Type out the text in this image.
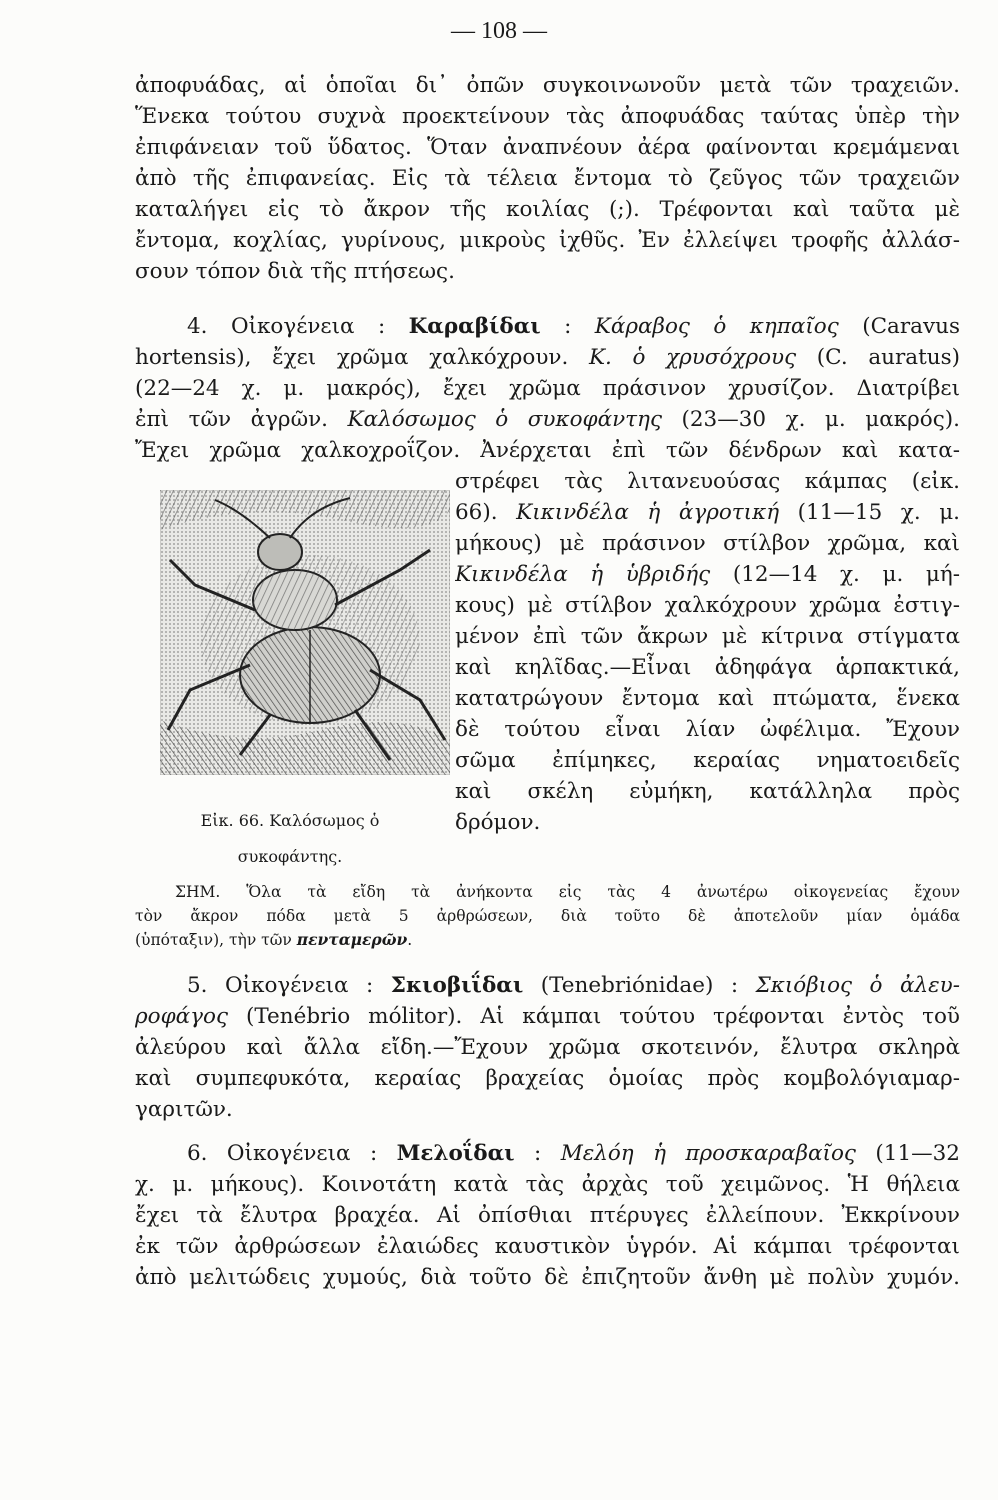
— 108 —
ἀποφυάδας, αἱ ὁποῖαι δι᾽ ὀπῶν συγκοινωνοῦν μετὰ τῶν τραχειῶν.
Ἕνεκα τούτου συχνὰ προεκτείνουν τὰς ἀποφυάδας ταύτας ὑπὲρ τὴν
ἐπιφάνειαν τοῦ ὕδατος. Ὅταν ἀναπνέουν ἀέρα φαίνονται κρεμάμεναι
ἀπὸ τῆς ἐπιφανείας. Εἰς τὰ τέλεια ἔντομα τὸ ζεῦγος τῶν τραχειῶν
καταλήγει εἰς τὸ ἄκρον τῆς κοιλίας (;). Τρέφονται καὶ ταῦτα μὲ
ἔντομα, κοχλίας, γυρίνους, μικροὺς ἰχθῦς. Ἐν ἐλλείψει τροφῆς ἀλλάσ-
σουν τόπον διὰ τῆς πτήσεως.
4. Οἰκογένεια : Καραβίδαι : Κάραβος ὁ κηπαῖος (Caravus
hortensis), ἔχει χρῶμα χαλκόχρουν. Κ. ὁ χρυσόχρους (C. auratus)
(22—24 χ. μ. μακρός), ἔχει χρῶμα πράσινον χρυσίζον. Διατρίβει
ἐπὶ τῶν ἀγρῶν. Καλόσωμος ὁ συκοφάντης (23—30 χ. μ. μακρός).
Ἔχει χρῶμα χαλκοχροΐζον. Ἀνέρχεται ἐπὶ τῶν δένδρων καὶ κατα-
στρέφει τὰς λιτανευούσας κάμπας (εἰκ.
66). Κικινδέλα ἡ ἀγροτική (11—15 χ. μ.
μήκους) μὲ πράσινον στίλβον χρῶμα, καὶ
Κικινδέλα ἡ ὑβριδής (12—14 χ. μ. μή-
κους) μὲ στίλβον χαλκόχρουν χρῶμα ἐστιγ-
μένον ἐπὶ τῶν ἄκρων μὲ κίτρινα στίγματα
καὶ κηλῖδας.—Εἶναι ἀδηφάγα ἁρπακτικά,
κατατρώγουν ἔντομα καὶ πτώματα, ἕνεκα
δὲ τούτου εἶναι λίαν ὠφέλιμα. Ἔχουν
σῶμα ἐπίμηκες, κεραίας νηματοειδεῖς
καὶ σκέλη εὐμήκη, κατάλληλα πρὸς
δρόμον.
Εἰκ. 66. Καλόσωμος ὁ
συκοφάντης.
ΣΗΜ. Ὅλα τὰ εἴδη τὰ ἀνήκοντα εἰς τὰς 4 ἀνωτέρω οἰκογενείας ἔχουν
τὸν ἄκρον πόδα μετὰ 5 ἀρθρώσεων, διὰ τοῦτο δὲ ἀποτελοῦν μίαν ὁμάδα
(ὑπόταξιν), τὴν τῶν πενταμερῶν.
5. Οἰκογένεια : Σκιοβιΐδαι (Tenebriónidae) : Σκιόβιος ὁ ἀλευ-
ροφάγος (Tenébrio mólitor). Αἱ κάμπαι τούτου τρέφονται ἐντὸς τοῦ
ἀλεύρου καὶ ἄλλα εἴδη.—Ἔχουν χρῶμα σκοτεινόν, ἔλυτρα σκληρὰ
καὶ συμπεφυκότα, κεραίας βραχείας ὁμοίας πρὸς κομβολόγιαμαρ-
γαριτῶν.
6. Οἰκογένεια : Μελοΐδαι : Μελόη ἡ προσκαραβαῖος (11—32
χ. μ. μήκους). Κοινοτάτη κατὰ τὰς ἀρχὰς τοῦ χειμῶνος. Ἡ θήλεια
ἔχει τὰ ἔλυτρα βραχέα. Αἱ ὀπίσθιαι πτέρυγες ἐλλείπουν. Ἐκκρίνουν
ἐκ τῶν ἀρθρώσεων ἐλαιώδες καυστικὸν ὑγρόν. Αἱ κάμπαι τρέφονται
ἀπὸ μελιτώδεις χυμούς, διὰ τοῦτο δὲ ἐπιζητοῦν ἄνθη μὲ πολὺν χυμόν.
